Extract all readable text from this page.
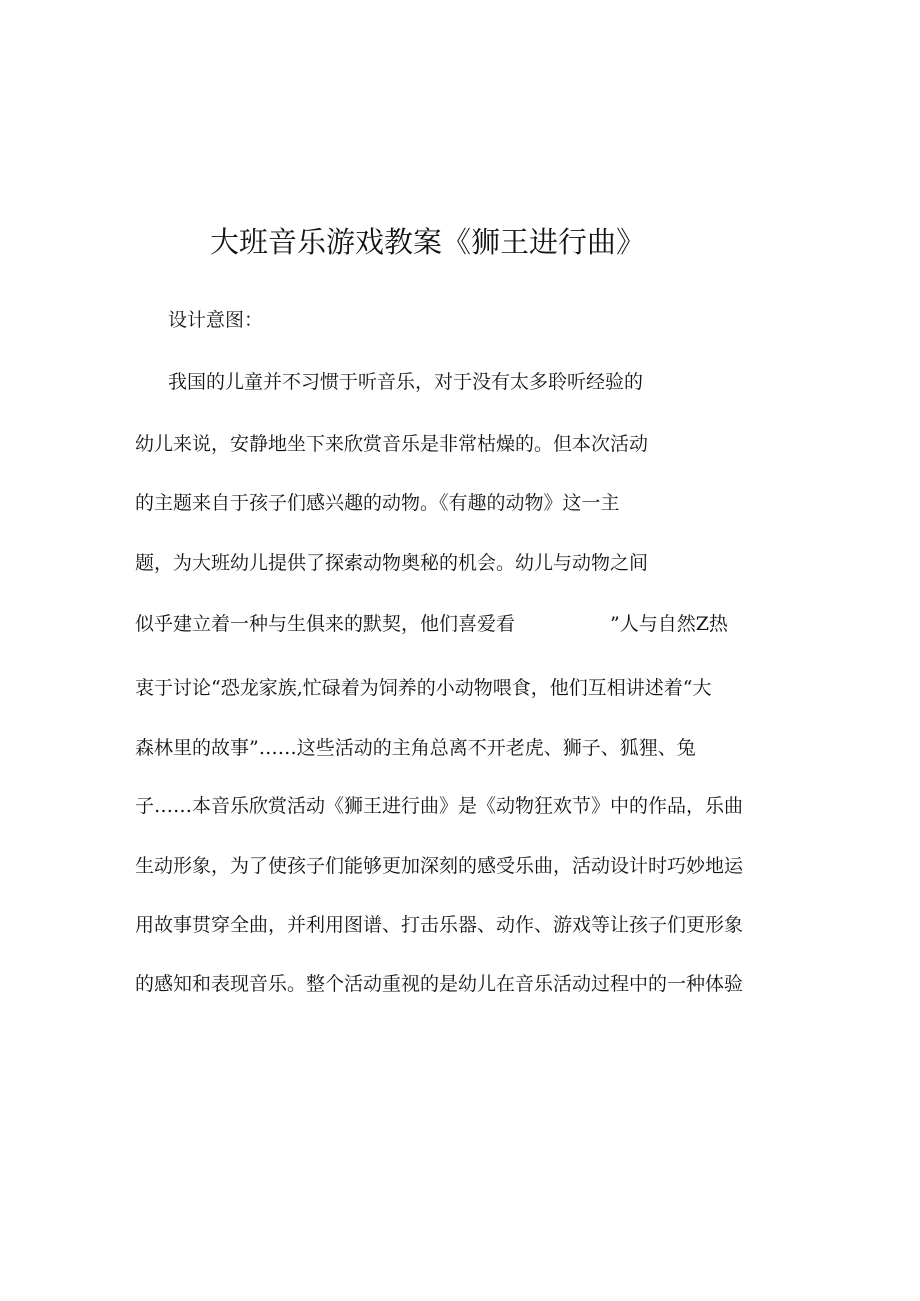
大班音乐游戏教案《狮王进行曲》

设计意图：

我国的儿童并不习惯于听音乐，对于没有太多聆听经验的

幼儿来说，安静地坐下来欣赏音乐是非常枯燥的。但本次活动

的主题来自于孩子们感兴趣的动物。《有趣的动物》这一主

题，为大班幼儿提供了探索动物奥秘的机会。幼儿与动物之间

似乎建立着一种与生俱来的默契，他们喜爱看	”人与自然Z热

衷于讨论“恐龙家族,忙碌着为饲养的小动物喂食，他们互相讲述着“大

森林里的故事”……这些活动的主角总离不开老虎、狮子、狐狸、兔

子……本音乐欣赏活动《狮王进行曲》是《动物狂欢节》中的作品，乐曲

生动形象，为了使孩子们能够更加深刻的感受乐曲，活动设计时巧妙地运

用故事贯穿全曲，并利用图谱、打击乐器、动作、游戏等让孩子们更形象

的感知和表现音乐。整个活动重视的是幼儿在音乐活动过程中的一种体验
